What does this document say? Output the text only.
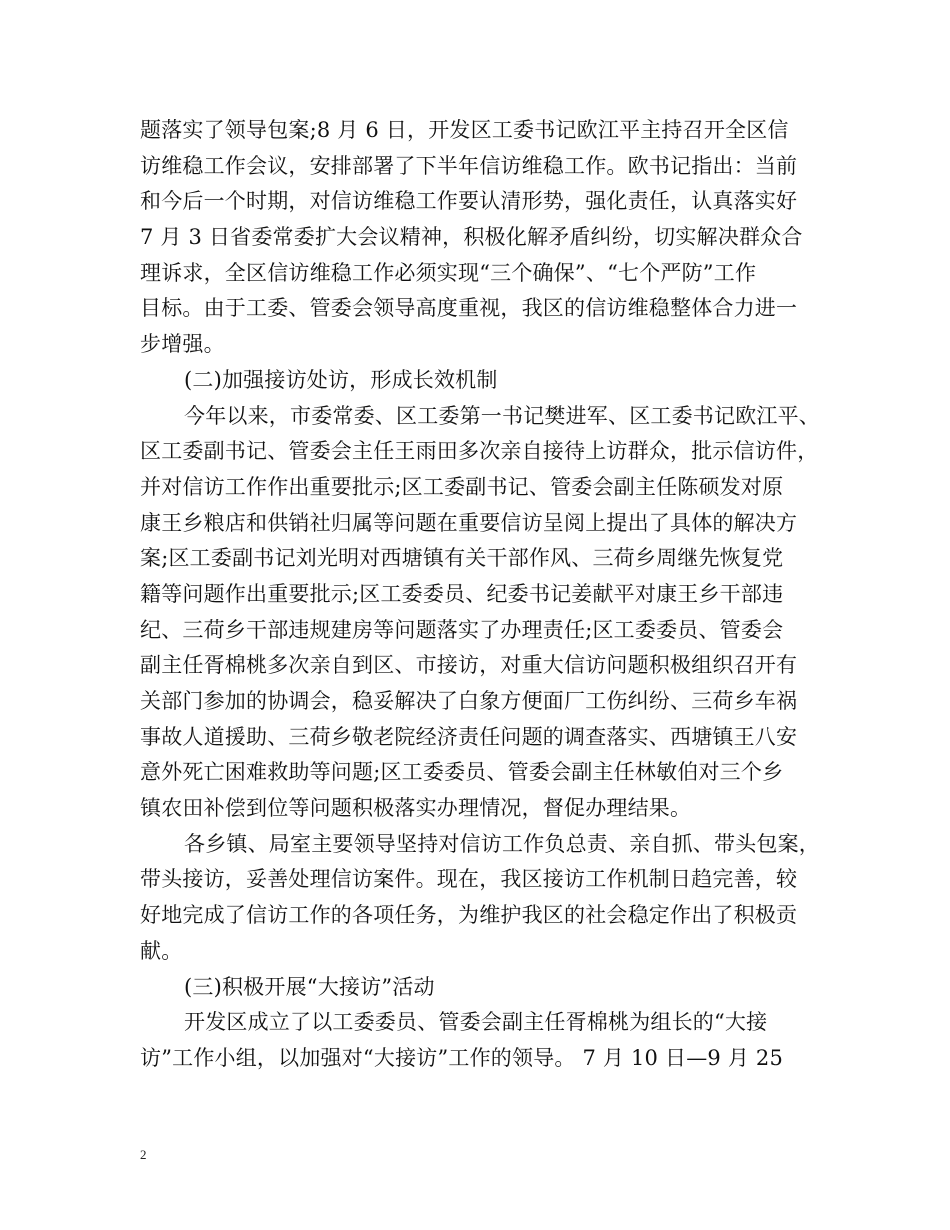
题落实了领导包案;8 月 6 日，开发区工委书记欧江平主持召开全区信
访维稳工作会议，安排部署了下半年信访维稳工作。欧书记指出：当前
和今后一个时期，对信访维稳工作要认清形势，强化责任，认真落实好
7 月 3 日省委常委扩大会议精神，积极化解矛盾纠纷，切实解决群众合
理诉求，全区信访维稳工作必须实现“三个确保”、“七个严防”工作
目标。由于工委、管委会领导高度重视，我区的信访维稳整体合力进一
步增强。
(二)加强接访处访，形成长效机制
今年以来，市委常委、区工委第一书记樊进军、区工委书记欧江平、
区工委副书记、管委会主任王雨田多次亲自接待上访群众，批示信访件，
并对信访工作作出重要批示;区工委副书记、管委会副主任陈硕发对原
康王乡粮店和供销社归属等问题在重要信访呈阅上提出了具体的解决方
案;区工委副书记刘光明对西塘镇有关干部作风、三荷乡周继先恢复党
籍等问题作出重要批示;区工委委员、纪委书记姜献平对康王乡干部违
纪、三荷乡干部违规建房等问题落实了办理责任;区工委委员、管委会
副主任胥棉桃多次亲自到区、市接访，对重大信访问题积极组织召开有
关部门参加的协调会，稳妥解决了白象方便面厂工伤纠纷、三荷乡车祸
事故人道援助、三荷乡敬老院经济责任问题的调查落实、西塘镇王八安
意外死亡困难救助等问题;区工委委员、管委会副主任林敏伯对三个乡
镇农田补偿到位等问题积极落实办理情况，督促办理结果。
各乡镇、局室主要领导坚持对信访工作负总责、亲自抓、带头包案，
带头接访，妥善处理信访案件。现在，我区接访工作机制日趋完善，较
好地完成了信访工作的各项任务，为维护我区的社会稳定作出了积极贡
献。
(三)积极开展“大接访”活动
开发区成立了以工委委员、管委会副主任胥棉桃为组长的“大接
访”工作小组，以加强对“大接访”工作的领导。 7 月 10 日—9 月 25
2
